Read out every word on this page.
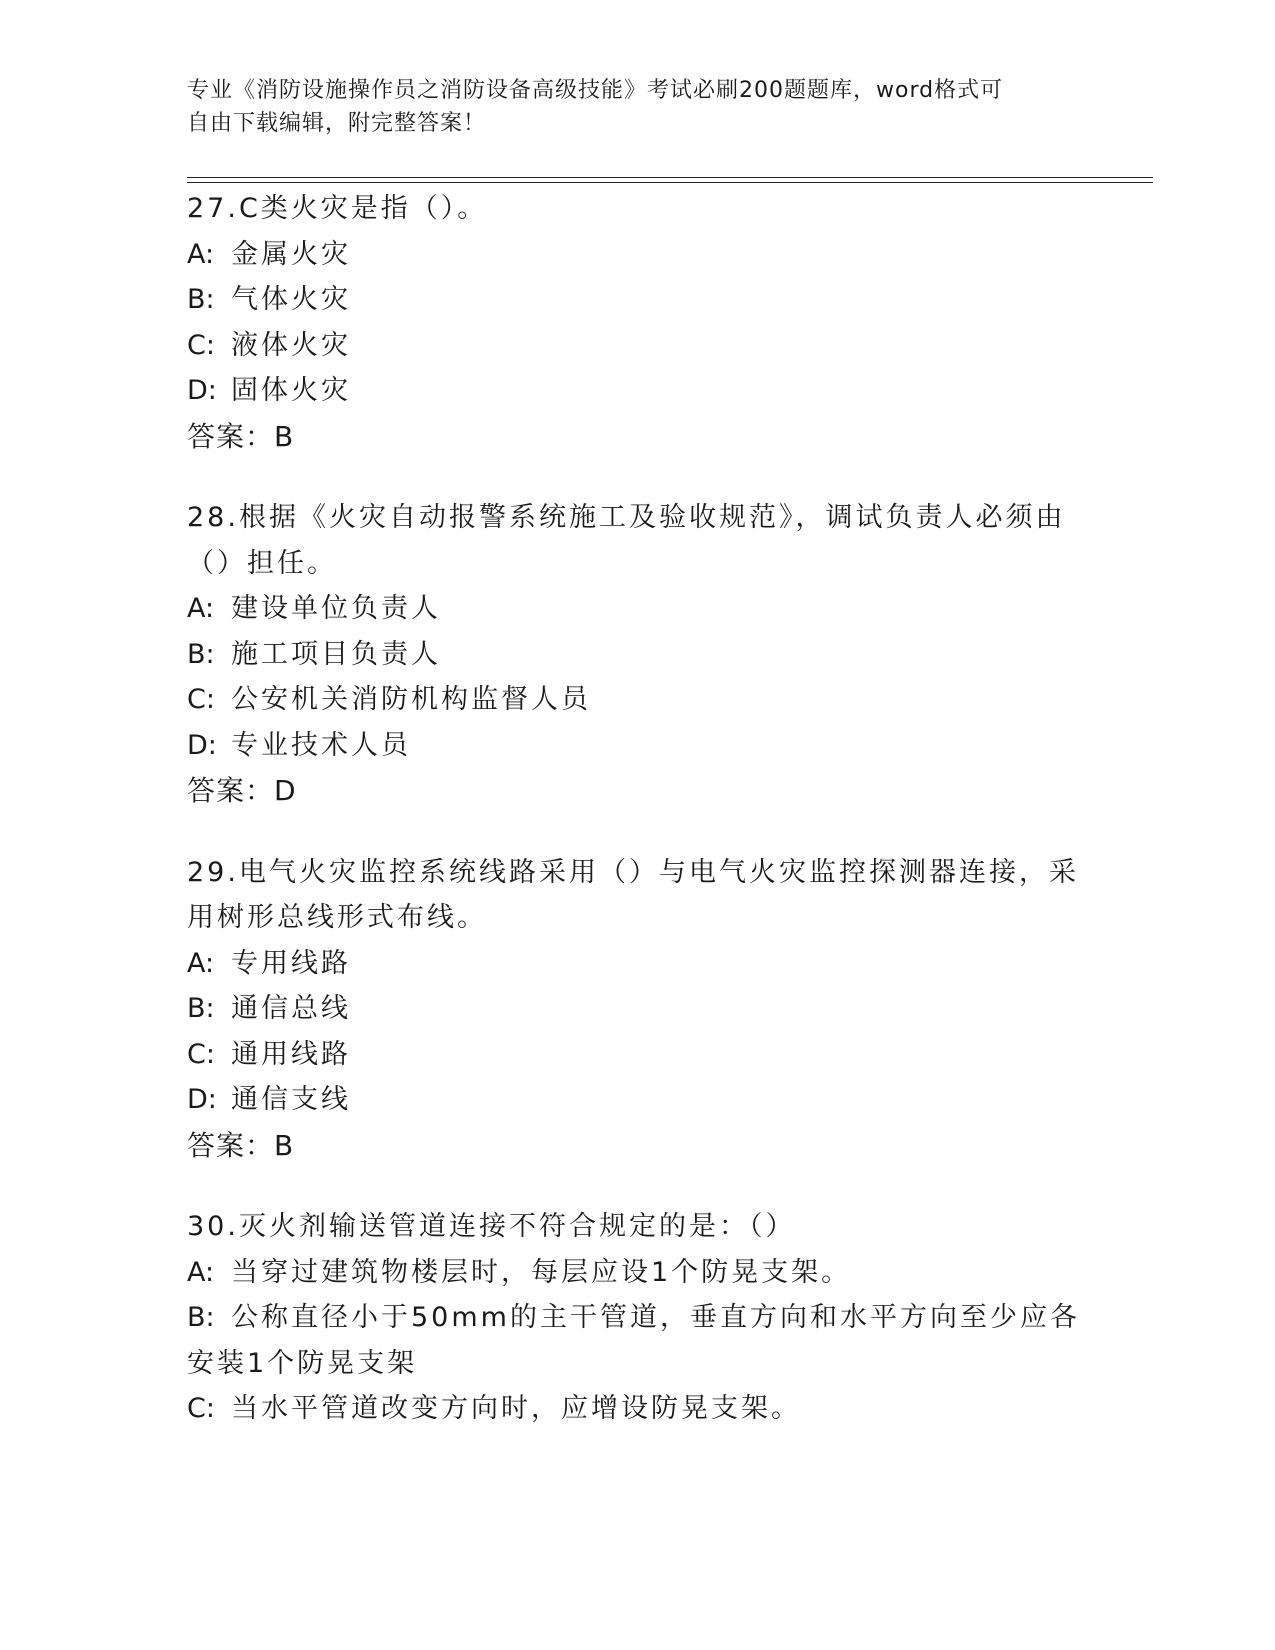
专业《消防设施操作员之消防设备高级技能》考试必刷200题题库，word格式可

自由下载编辑，附完整答案！

27.C类火灾是指（）。

A: 金属火灾

B: 气体火灾

C: 液体火灾

D: 固体火灾

答案：B

28.根据《火灾自动报警系统施工及验收规范》，调试负责人必须由（）担任。

A: 建设单位负责人

B: 施工项目负责人

C: 公安机关消防机构监督人员

D: 专业技术人员

答案：D

29.电气火灾监控系统线路采用（）与电气火灾监控探测器连接，采用树形总线形式布线。

A: 专用线路

B: 通信总线

C: 通用线路

D: 通信支线

答案：B

30.灭火剂输送管道连接不符合规定的是：（）

A: 当穿过建筑物楼层时，每层应设1个防晃支架。

B: 公称直径小于50mm的主干管道，垂直方向和水平方向至少应各安装1个防晃支架

C: 当水平管道改变方向时，应增设防晃支架。
